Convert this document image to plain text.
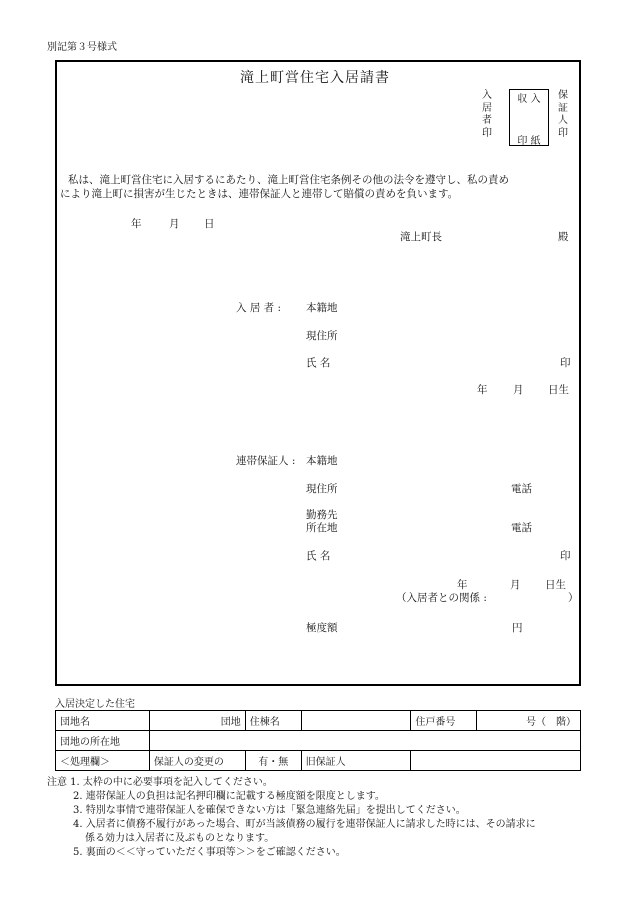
別記第３号様式
滝上町営住宅入居請書
入
居
者
印
収 入
印 紙
保
証
人
印
私は、滝上町営住宅に入居するにあたり、滝上町営住宅条例その他の法令を遵守し、私の責め
により滝上町に損害が生じたときは、連帯保証人と連帯して賠償の責めを負います。
年	月 日
滝上町長	殿
入 居 者 : 本籍地
現住所
氏 名	印
年 月 日生
連帯保証人 : 本籍地
現住所	電話
勤務先
所在地	電話
氏 名	印
年	月 日生
（入居者との関係 :	）
極度額	円
入居決定した住宅
団地名	団地	住棟名		住戸番号	号（　階）
団地の所在地					
＜処理欄＞	保証人の変更の	有・無	旧保証人		
注意 1. 太枠の中に必要事項を記入してください。
2. 連帯保証人の負担は記名押印欄に記載する極度額を限度とします。
3. 特別な事情で連帯保証人を確保できない方は「緊急連絡先届」を提出してください。
4. 入居者に債務不履行があった場合、町が当該債務の履行を連帯保証人に請求した時には、その請求に
係る効力は入居者に及ぶものとなります。
5. 裏面の＜＜守っていただく事項等＞＞をご確認ください。
